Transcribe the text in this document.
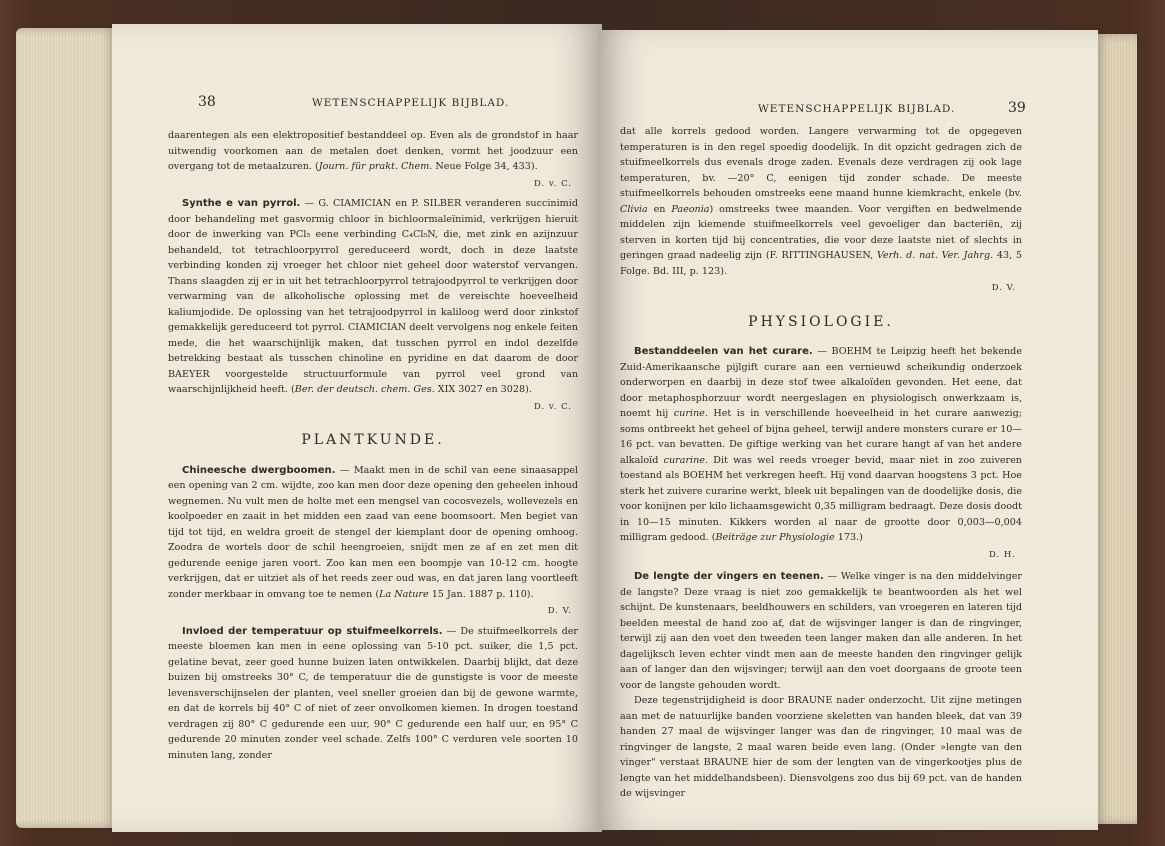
38	WETENSCHAPPELIJK BIJBLAD.

daarentegen als een elektropositief bestanddeel op. Even als de grondstof in haar uitwendig voorkomen aan de metalen doet denken, vormt het joodzuur een overgang tot de metaalzuren. (Journ. für prakt. Chem. Neue Folge 34, 433).

D. v. C.

Synthe e van pyrrol. — G. CIAMICIAN en P. SILBER veranderen succinimid door behandeling met gasvormig chloor in bichloormaleïnimid, verkrijgen hieruit door de inwerking van PCl₅ eene verbinding C₄Cl₅N, die, met zink en azijnzuur behandeld, tot tetrachloorpyrrol gereduceerd wordt, doch in deze laatste verbinding konden zij vroeger het chloor niet geheel door waterstof vervangen. Thans slaagden zij er in uit het tetrachloorpyrrol tetrajoodpyrrol te verkrijgen door verwarming van de alkoholische oplossing met de vereischte hoeveelheid kaliumjodide. De oplossing van het tetrajoodpyrrol in kaliloog werd door zinkstof gemakkelijk gereduceerd tot pyrrol. CIAMICIAN deelt vervolgens nog enkele feiten mede, die het waarschijnlijk maken, dat tusschen pyrrol en indol dezelfde betrekking bestaat als tusschen chinoline en pyridine en dat daarom de door BAEYER voorgestelde structuurformule van pyrrol veel grond van waarschijnlijkheid heeft. (Ber. der deutsch. chem. Ges. XIX 3027 en 3028).

D. v. C.
PLANTKUNDE.

Chineesche dwergboomen. — Maakt men in de schil van eene sinaasappel een opening van 2 cm. wijdte, zoo kan men door deze opening den geheelen inhoud wegnemen. Nu vult men de holte met een mengsel van cocosvezels, wollevezels en koolpoeder en zaait in het midden een zaad van eene boomsoort. Men begiet van tijd tot tijd, en weldra groeit de stengel der kiemplant door de opening omhoog. Zoodra de wortels door de schil heengroeien, snijdt men ze af en zet men dit gedurende eenige jaren voort. Zoo kan men een boompje van 10-12 cm. hoogte verkrijgen, dat er uitziet als of het reeds zeer oud was, en dat jaren lang voortleeft zonder merkbaar in omvang toe te nemen (La Nature 15 Jan. 1887 p. 110).

D. V.

Invloed der temperatuur op stuifmeelkorrels. — De stuifmeelkorrels der meeste bloemen kan men in eene oplossing van 5-10 pct. suiker, die 1,5 pct. gelatine bevat, zeer goed hunne buizen laten ontwikkelen. Daarbij blijkt, dat deze buizen bij omstreeks 30° C, de temperatuur die de gunstigste is voor de meeste levensverschijnselen der planten, veel sneller groeien dan bij de gewone warmte, en dat de korrels bij 40° C of niet of zeer onvolkomen kiemen. In drogen toestand verdragen zij 80° C gedurende een uur, 90° C gedurende een half uur, en 95° C gedurende 20 minuten zonder veel schade. Zelfs 100° C verduren vele soorten 10 minuten lang, zonder

WETENSCHAPPELIJK BIJBLAD.	39

dat alle korrels gedood worden. Langere verwarming tot de opgegeven temperaturen is in den regel spoedig doodelijk. In dit opzicht gedragen zich de stuifmeelkorrels dus evenals droge zaden. Evenals deze verdragen zij ook lage temperaturen, bv. —20° C, eenigen tijd zonder schade. De meeste stuifmeelkorrels behouden omstreeks eene maand hunne kiemkracht, enkele (bv. Clivia en Paeonia) omstreeks twee maanden. Voor vergiften en bedwelmende middelen zijn kiemende stuifmeelkorrels veel gevoeliger dan bacteriën, zij sterven in korten tijd bij concentraties, die voor deze laatste niet of slechts in geringen graad nadeelig zijn (F. RITTINGHAUSEN, Verh. d. nat. Ver. Jahrg. 43, 5 Folge. Bd. III, p. 123).

D. V.
PHYSIOLOGIE.

Bestanddeelen van het curare. — BOEHM te Leipzig heeft het bekende Zuid-Amerikaansche pijlgift curare aan een vernieuwd scheikundig onderzoek onderworpen en daarbij in deze stof twee alkaloïden gevonden. Het eene, dat door metaphosphorzuur wordt neergeslagen en physiologisch onwerkzaam is, noemt hij curine. Het is in verschillende hoeveelheid in het curare aanwezig; soms ontbreekt het geheel of bijna geheel, terwijl andere monsters curare er 10—16 pct. van bevatten. De giftige werking van het curare hangt af van het andere alkaloïd curarine. Dit was wel reeds vroeger bevid, maar niet in zoo zuiveren toestand als BOEHM het verkregen heeft. Hij vond daarvan hoogstens 3 pct. Hoe sterk het zuivere curarine werkt, bleek uit bepalingen van de doodelijke dosis, die voor konijnen per kilo lichaamsgewicht 0,35 milligram bedraagt. Deze dosis doodt in 10—15 minuten. Kikkers worden al naar de grootte door 0,003—0,004 milligram gedood. (Beiträge zur Physiologie 173.)

D. H.

De lengte der vingers en teenen. — Welke vinger is na den middelvinger de langste? Deze vraag is niet zoo gemakkelijk te beantwoorden als het wel schijnt. De kunstenaars, beeldhouwers en schilders, van vroegeren en lateren tijd beelden meestal de hand zoo af, dat de wijsvinger langer is dan de ringvinger, terwijl zij aan den voet den tweeden teen langer maken dan alle anderen. In het dagelijksch leven echter vindt men aan de meeste handen den ringvinger gelijk aan of langer dan den wijsvinger; terwijl aan den voet doorgaans de groote teen voor de langste gehouden wordt.

Deze tegenstrijdigheid is door BRAUNE nader onderzocht. Uit zijne metingen aan met de natuurlijke banden voorziene skeletten van handen bleek, dat van 39 handen 27 maal de wijsvinger langer was dan de ringvinger, 10 maal was de ringvinger de langste, 2 maal waren beide even lang. (Onder »lengte van den vinger" verstaat BRAUNE hier de som der lengten van de vingerkootjes plus de lengte van het middelhandsbeen). Diensvolgens zoo dus bij 69 pct. van de handen de wijsvinger
